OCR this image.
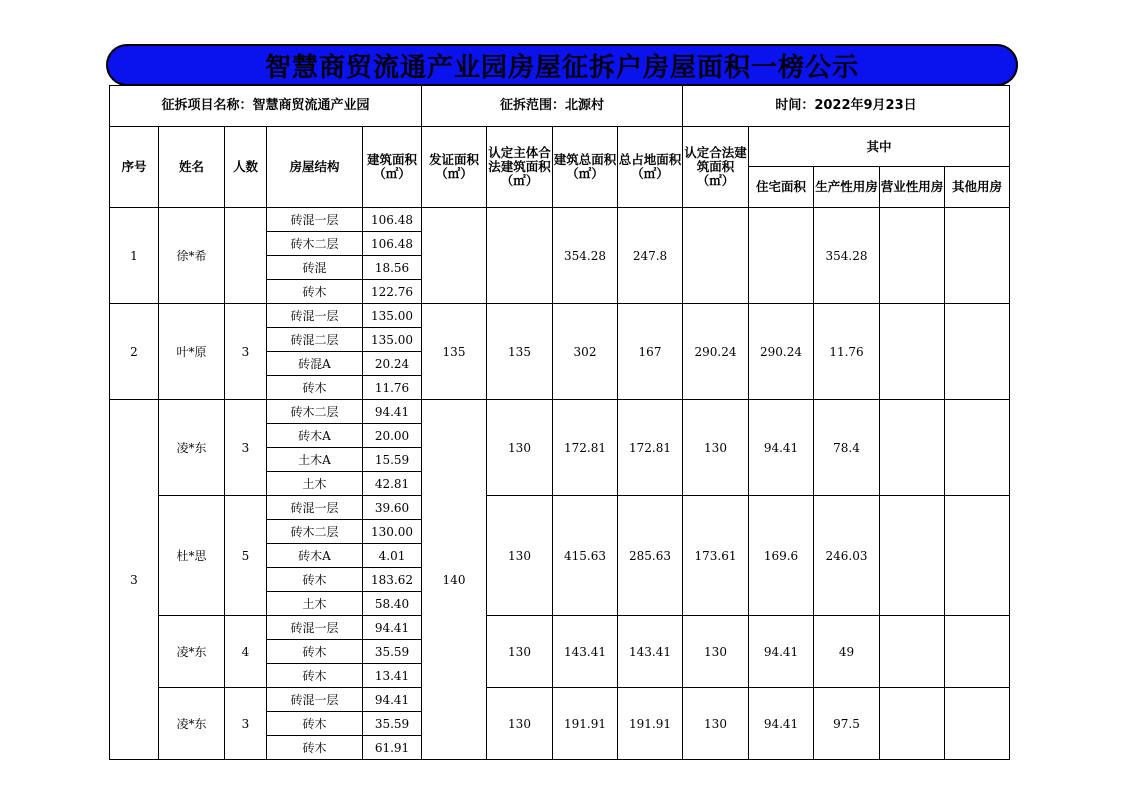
智慧商贸流通产业园房屋征拆户房屋面积一榜公示
征拆项目名称：智慧商贸流通产业园					征拆范围：北源村				时间：2022年9月23日				
序号	姓名	人数	房屋结构	建筑面积（㎡）	发证面积（㎡）	认定主体合法建筑面积（㎡）	建筑总面积（㎡）	总占地面积（㎡）	认定合法建筑面积（㎡）	其中			
										住宅面积	生产性用房	营业性用房	其他用房
1	徐*希		砖混一层	106.48			354.28	247.8			354.28		
			砖木二层	106.48									
			砖混	18.56									
			砖木	122.76									
2	叶*原	3	砖混一层	135.00	135	135	302	167	290.24	290.24	11.76		
			砖混二层	135.00									
			砖混A	20.24									
			砖木	11.76									
3	凌*东	3	砖木二层	94.41	140	130	172.81	172.81	130	94.41	78.4		
			砖木A	20.00									
			土木A	15.59									
			土木	42.81									
	杜*思	5	砖混一层	39.60		130	415.63	285.63	173.61	169.6	246.03		
			砖木二层	130.00									
			砖木A	4.01									
			砖木	183.62									
			土木	58.40									
	凌*东	4	砖混一层	94.41		130	143.41	143.41	130	94.41	49		
			砖木	35.59									
			砖木	13.41									
	凌*东	3	砖混一层	94.41		130	191.91	191.91	130	94.41	97.5		
			砖木	35.59									
			砖木	61.91									
